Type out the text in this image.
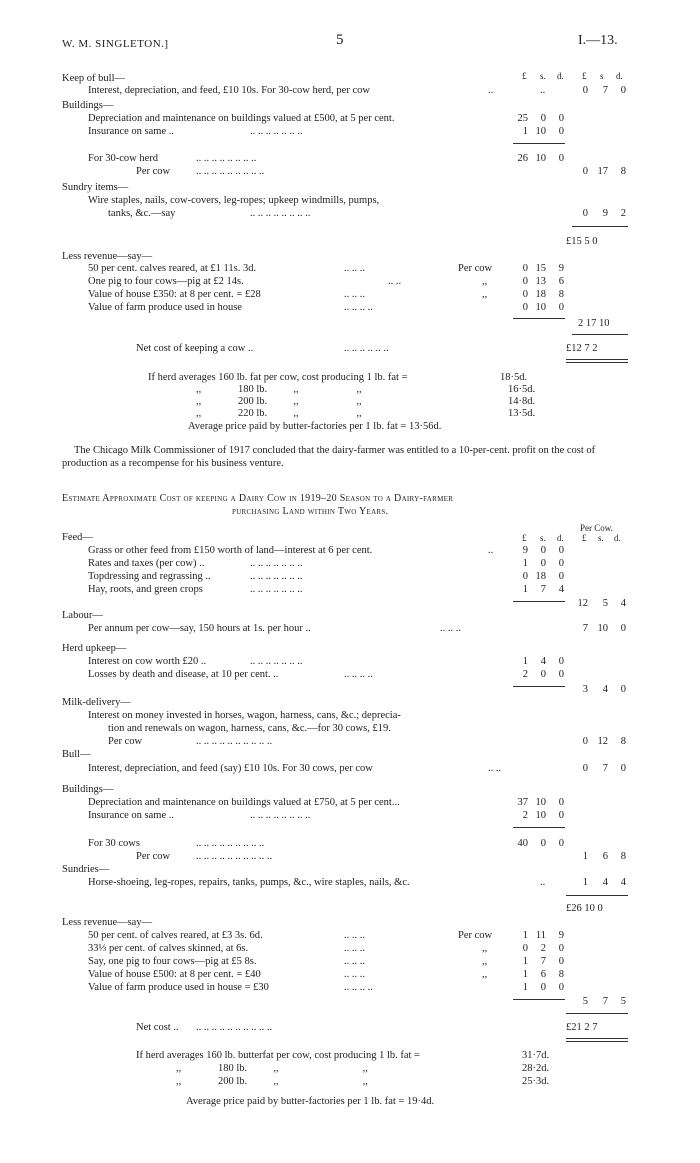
W. M. SINGLETON.]	5	I.—13.
£ s. d. £ s d.
Keep of bull—
Interest, depreciation, and feed, £10 10s. For 30-cow herd, per cow	..	..	0	7	0
Buildings—
Depreciation and maintenance on buildings valued at £500, at 5 per cent.	25	0	0
Insurance on same ..	.. .. .. .. .. .. ..	1 10	0
For 30-cow herd	.. .. .. .. .. .. .. ..	26 10	0
Per cow .. .. .. .. .. .. .. .. ..	0 17	8
Sundry items—
Wire staples, nails, cow-covers, leg-ropes; upkeep windmills, pumps,
tanks, &c.—say	.. .. .. .. .. .. .. ..	0	9	2
£15 5 0
Less revenue—say—
50 per cent. calves reared, at £1 11s. 3d.	.. .. ..	Per cow	0 15	9
One pig to four cows—pig at £2 14s.	.. ..	,,	0 13	6
Value of house £350: at 8 per cent. = £28	.. .. ..	,,	0 18	8
Value of farm produce used in house	.. .. .. ..	0 10	0
2 17 10
Net cost of keeping a cow ..	.. .. .. .. .. ..	£12 7 2
If herd averages 160 lb. fat per cow, cost producing 1 lb. fat =	18·5d.
,,              180 lb.          ,,                      ,,	16·5d.
,,              200 lb.          ,,                      ,,	14·8d.
,,              220 lb.          ,,                      ,,	13·5d.
Average price paid by butter-factories per 1 lb. fat = 13·56d.
The Chicago Milk Commissioner of 1917 concluded that the dairy-farmer was entitled to a 10-per-cent. profit on the cost of production as a recompense for his business venture.
Estimate Approximate Cost of keeping a Dairy Cow in 1919–20 Season to a Dairy-farmer
purchasing Land within Two Years.
Per Cow.
£ s. d. £ s. d.
Feed—
Grass or other feed from £150 worth of land—interest at 6 per cent.	..	9	0	0
Rates and taxes (per cow) ..	.. .. .. .. .. .. ..	1	0	0
Topdressing and regrassing ..	.. .. .. .. .. .. ..	0 18	0
Hay, roots, and green crops	.. .. .. .. .. .. ..	1	7	4
12	5	4
Labour—
Per annum per cow—say, 150 hours at 1s. per hour ..	.. .. ..	7 10	0
Herd upkeep—
Interest on cow worth £20 ..	.. .. .. .. .. .. ..	1	4	0
Losses by death and disease, at 10 per cent. ..	.. .. .. ..	2	0	0
3	4	0
Milk-delivery—
Interest on money invested in horses, wagon, harness, cans, &c.; deprecia-
tion and renewals on wagon, harness, cans, &c.—for 30 cows, £19.
Per cow	.. .. .. .. .. .. .. .. .. ..	0 12	8
Bull—
Interest, depreciation, and feed (say) £10 10s. For 30 cows, per cow	.. ..	0	7	0
Buildings—
Depreciation and maintenance on buildings valued at £750, at 5 per cent...	37 10	0
Insurance on same ..	.. .. .. .. .. .. .. ..	2 10	0
For 30 cows	.. .. .. .. .. .. .. .. ..	40	0	0
Per cow .. .. .. .. .. .. .. .. .. ..	1	6	8
Sundries—
Horse-shoeing, leg-ropes, repairs, tanks, pumps, &c., wire staples, nails, &c.	..	1	4	4
£26 10 0
Less revenue—say—
50 per cent. of calves reared, at £3 3s. 6d.	.. .. ..	Per cow	1 11	9
33⅓ per cent. of calves skinned, at 6s.	.. .. ..	,,	0	2	0
Say, one pig to four cows—pig at £5 8s.	.. .. ..	,,	1	7	0
Value of house £500: at 8 per cent. = £40	.. .. ..	,,	1	6	8
Value of farm produce used in house = £30	.. .. .. ..	1	0	0
5	7	5
Net cost .. .. .. .. .. .. .. .. .. .. ..	£21 2 7
If herd averages 160 lb. butterfat per cow, cost producing 1 lb. fat =	31·7d.
,,              180 lb.          ,,                                ,,	28·2d.
,,              200 lb.          ,,                                ,,	25·3d.
Average price paid by butter-factories per 1 lb. fat = 19·4d.
